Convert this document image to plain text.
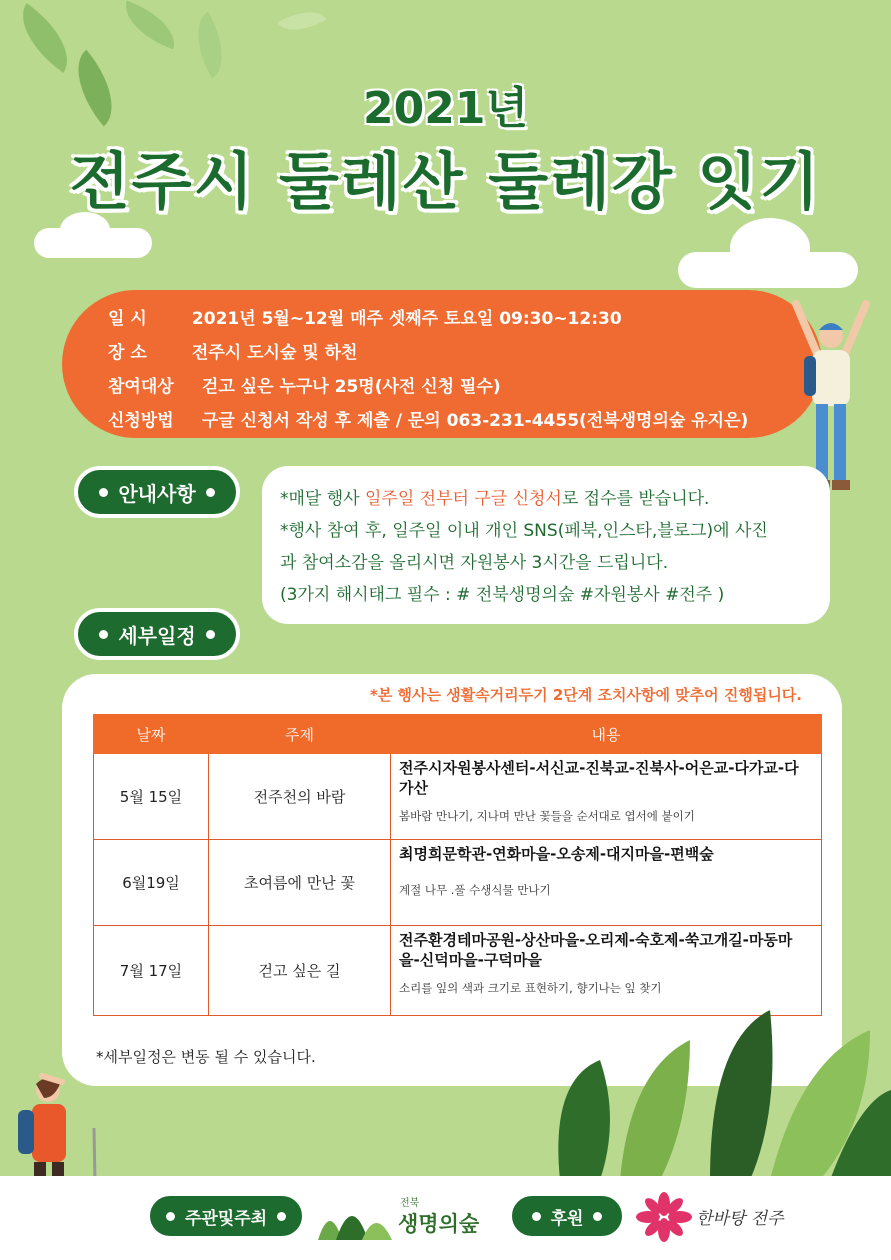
2021년
전주시 둘레산 둘레강 잇기
일 시	2021년 5월~12월 매주 셋째주 토요일 09:30~12:30
장 소	전주시 도시숲 및 하천
참여대상 걷고 싶은 누구나 25명(사전 신청 필수)
신청방법 구글 신청서 작성 후 제출 / 문의 063-231-4455(전북생명의숲 유지은)
안내사항	*매달 행사 일주일 전부터 구글 신청서로 접수를 받습니다.

*행사 참여 후, 일주일 이내 개인 SNS(페북,인스타,블로그)에 사진

과 참여소감을 올리시면 자원봉사 3시간을 드립니다.

(3가지 해시태그 필수 : # 전북생명의숲 #자원봉사 #전주 )

세부일정
*본 행사는 생활속거리두기 2단계 조치사항에 맞추어 진행됩니다.
날짜	주제	내용
5월 15일	전주천의 바람	전주시자원봉사센터-서신교-진북교-진북사-어은교-다가교-다가산
봄바람 만나기, 지나며 만난 꽃들을 순서대로 엽서에 붙이기

6월19일	초여름에 만난 꽃	최명희문학관-연화마을-오송제-대지마을-편백숲
계절 나무 .풀 수생식물 만나기

7월 17일	걷고 싶은 길	전주환경테마공원-상산마을-오리제-숙호제-쑥고개길-마동마을-신덕마을-구덕마을
소리를 잎의 색과 크기로 표현하기, 향기나는 잎 찾기
*세부일정은 변동 될 수 있습니다.
주관및주최
전북
생명의숲	후원	한바탕 전주
